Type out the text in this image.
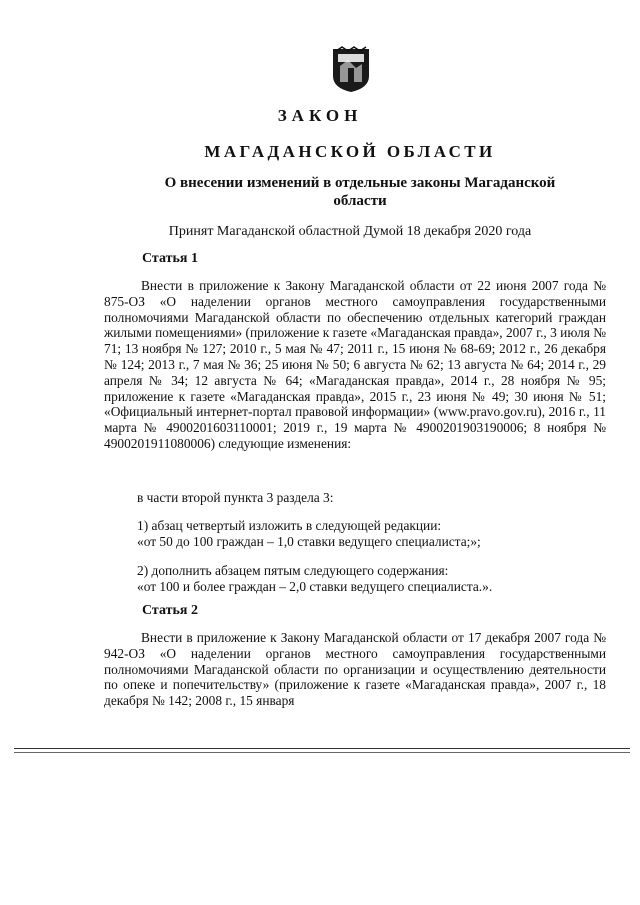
ЗАКОН
МАГАДАНСКОЙ ОБЛАСТИ
О внесении изменений в отдельные законы Магаданской области
Принят Магаданской областной Думой 18 декабря 2020 года
Статья 1

Внести в приложение к Закону Магаданской области от 22 июня 2007 года № 875-ОЗ «О наделении органов местного самоуправления государственными полномочиями Магаданской области по обеспечению отдельных категорий граждан жилыми помещениями» (приложение к газете «Магаданская правда», 2007 г., 3 июля № 71; 13 ноября № 127; 2010 г., 5 мая № 47; 2011 г., 15 июня № 68-69; 2012 г., 26 декабря № 124; 2013 г., 7 мая № 36; 25 июня № 50; 6 августа № 62; 13 августа № 64; 2014 г., 29 апреля № 34; 12 августа № 64; «Магаданская правда», 2014 г., 28 ноября № 95; приложение к газете «Магаданская правда», 2015 г., 23 июня № 49; 30 июня № 51; «Официальный интернет-портал правовой информации» (www.pravo.gov.ru), 2016 г., 11 марта № 4900201603110001; 2019 г., 19 марта № 4900201903190006; 8 ноября № 4900201911080006) следующие изменения:

в части второй пункта 3 раздела 3:

1) абзац четвертый изложить в следующей редакции:

«от 50 до 100 граждан – 1,0 ставки ведущего специалиста;»;

2) дополнить абзацем пятым следующего содержания:

«от 100 и более граждан – 2,0 ставки ведущего специалиста.».

Статья 2

Внести в приложение к Закону Магаданской области от 17 декабря 2007 года № 942-ОЗ «О наделении органов местного самоуправления государственными полномочиями Магаданской области по организации и осуществлению деятельности по опеке и попечительству» (приложение к газете «Магаданская правда», 2007 г., 18 декабря № 142; 2008 г., 15 января
